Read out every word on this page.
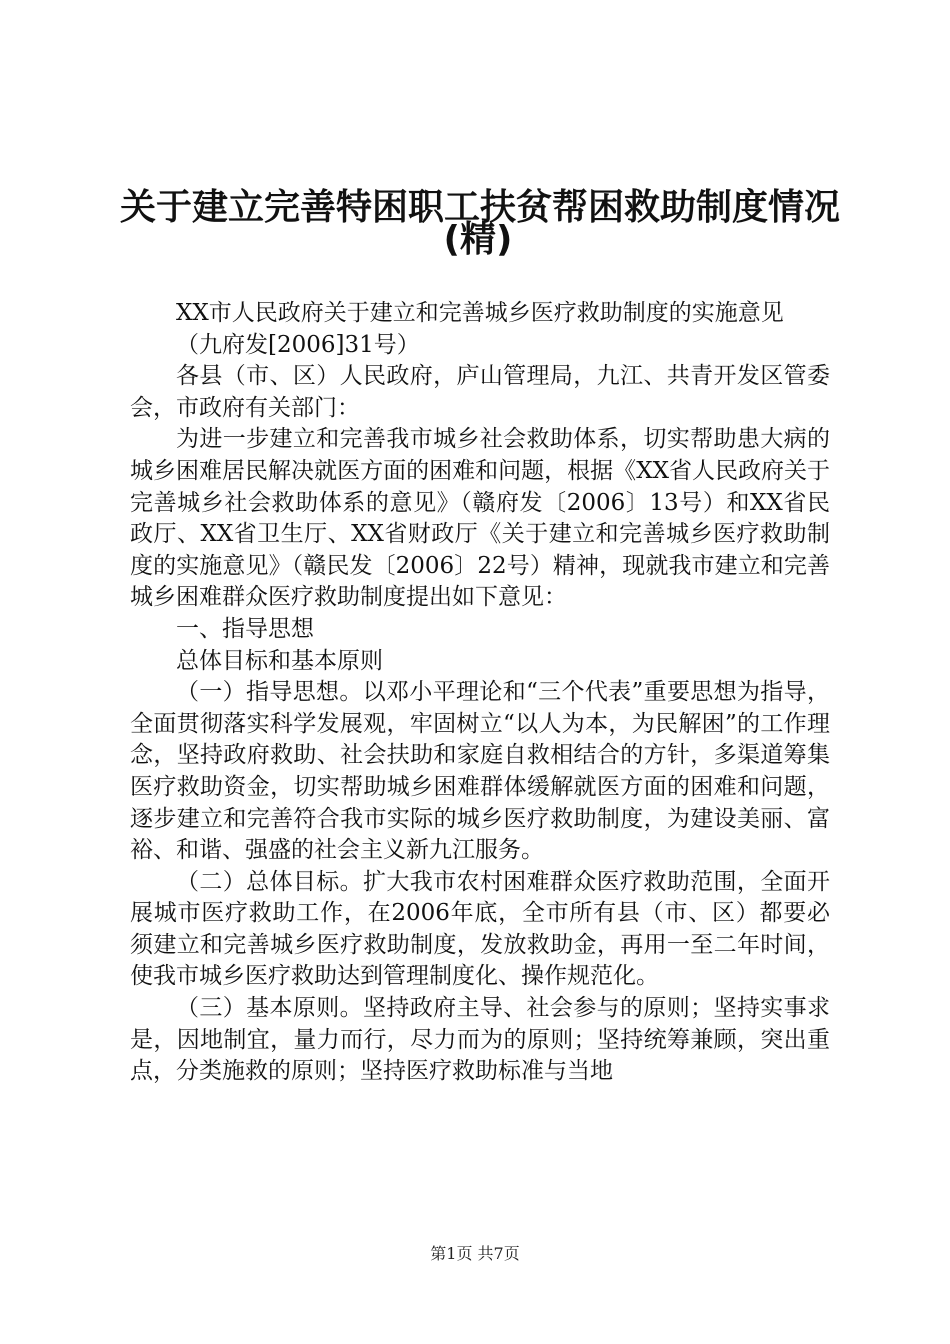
关于建立完善特困职工扶贫帮困救助制度情况
(精)

XX市人民政府关于建立和完善城乡医疗救助制度的实施意见

（九府发[2006]31号）

各县（市、区）人民政府，庐山管理局，九江、共青开发区管委会，市政府有关部门：

为进一步建立和完善我市城乡社会救助体系，切实帮助患大病的城乡困难居民解决就医方面的困难和问题，根据《XX省人民政府关于完善城乡社会救助体系的意见》（赣府发〔2006〕13号）和XX省民政厅、XX省卫生厅、XX省财政厅《关于建立和完善城乡医疗救助制度的实施意见》（赣民发〔2006〕22号）精神，现就我市建立和完善城乡困难群众医疗救助制度提出如下意见：

一、指导思想

总体目标和基本原则

（一）指导思想。以邓小平理论和“三个代表”重要思想为指导，全面贯彻落实科学发展观，牢固树立“以人为本，为民解困”的工作理念，坚持政府救助、社会扶助和家庭自救相结合的方针，多渠道筹集医疗救助资金，切实帮助城乡困难群体缓解就医方面的困难和问题，逐步建立和完善符合我市实际的城乡医疗救助制度，为建设美丽、富裕、和谐、强盛的社会主义新九江服务。

（二）总体目标。扩大我市农村困难群众医疗救助范围，全面开展城市医疗救助工作，在2006年底，全市所有县（市、区）都要必须建立和完善城乡医疗救助制度，发放救助金，再用一至二年时间，使我市城乡医疗救助达到管理制度化、操作规范化。

（三）基本原则。坚持政府主导、社会参与的原则；坚持实事求是，因地制宜，量力而行，尽力而为的原则；坚持统筹兼顾，突出重点，分类施救的原则；坚持医疗救助标准与当地

第1页 共7页
